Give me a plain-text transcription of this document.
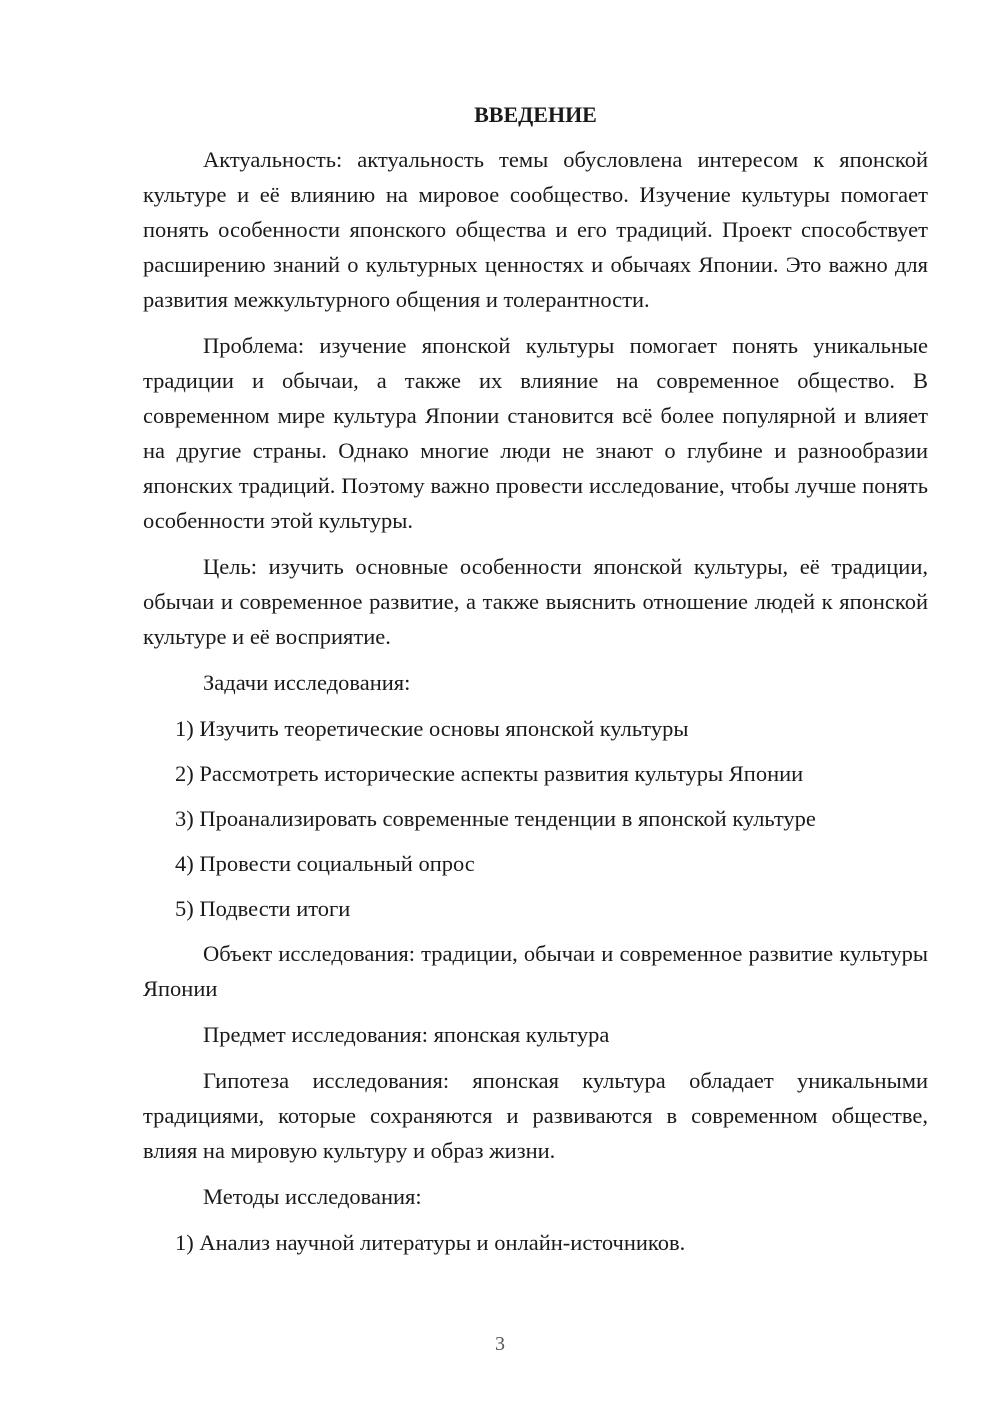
ВВЕДЕНИЕ

Актуальность: актуальность темы обусловлена интересом к японской культуре и её влиянию на мировое сообщество. Изучение культуры помогает понять особенности японского общества и его традиций. Проект способствует расширению знаний о культурных ценностях и обычаях Японии. Это важно для развития межкультурного общения и толерантности.

Проблема: изучение японской культуры помогает понять уникальные традиции и обычаи, а также их влияние на современное общество. В современном мире культура Японии становится всё более популярной и влияет на другие страны. Однако многие люди не знают о глубине и разнообразии японских традиций. Поэтому важно провести исследование, чтобы лучше понять особенности этой культуры.

Цель: изучить основные особенности японской культуры, её традиции, обычаи и современное развитие, а также выяснить отношение людей к японской культуре и её восприятие.

Задачи исследования:

1) Изучить теоретические основы японской культуры
2) Рассмотреть исторические аспекты развития культуры Японии
3) Проанализировать современные тенденции в японской культуре
4) Провести социальный опрос
5) Подвести итоги

Объект исследования: традиции, обычаи и современное развитие культуры Японии

Предмет исследования: японская культура

Гипотеза исследования: японская культура обладает уникальными традициями, которые сохраняются и развиваются в современном обществе, влияя на мировую культуру и образ жизни.

Методы исследования:

1) Анализ научной литературы и онлайн-источников.
3
